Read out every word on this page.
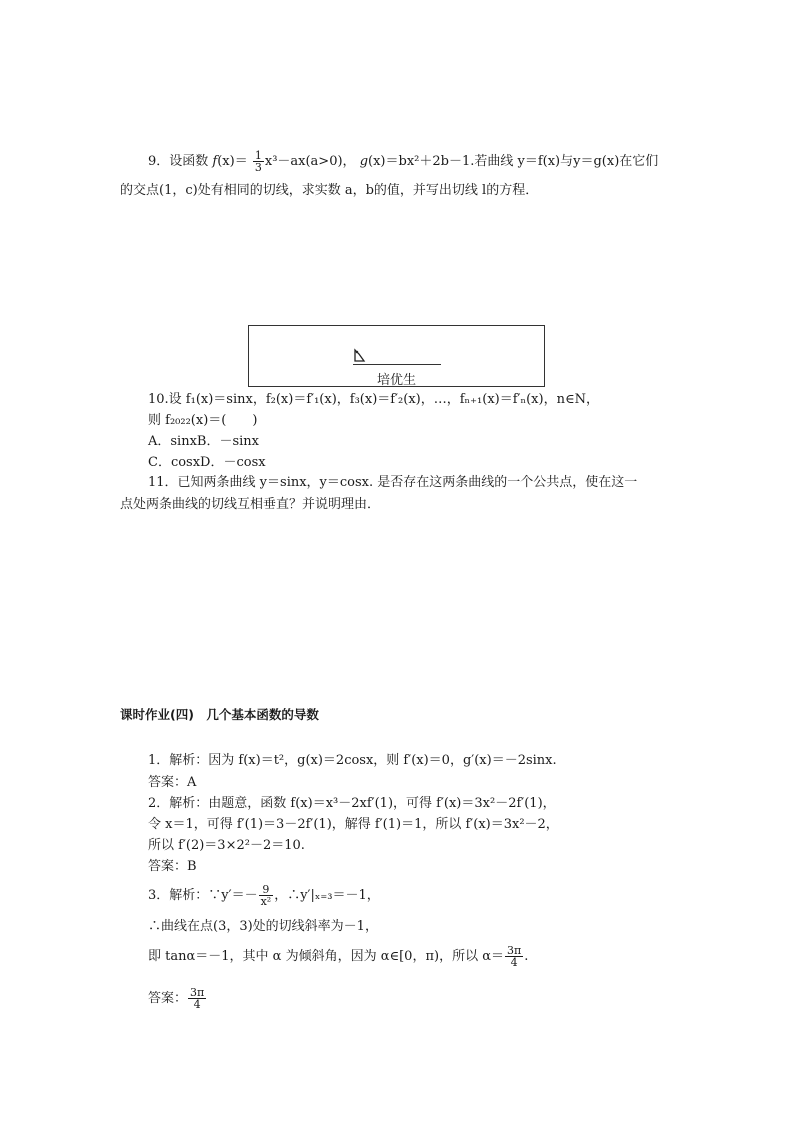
9．设函数 $f(x)= \frac{1}{3} x^3-ax(a>0)$， g(x)＝bx²＋2b－1.若曲线 y＝f(x)与y＝g(x)在它们
的交点(1，c)处有相同的切线，求实数 a，b的值，并写出切线 l的方程．
培优生
10.设 f₁(x)＝sinx，f₂(x)＝f′₁(x)，f₃(x)＝f′₂(x)，…，fₙ₊₁(x)＝f′ₙ(x)，n∈N，
则 f₂₀₂₂(x)＝(　　)
A．sinxB．－sinx
C．cosxD．－cosx
11．已知两条曲线 y＝sinx，y＝cosx. 是否存在这两条曲线的一个公共点，使在这一
点处两条曲线的切线互相垂直？并说明理由．
课时作业(四)　几个基本函数的导数
1．解析：因为 f(x)＝t²，g(x)＝2cosx，则 f′(x)＝0，g′(x)＝－2sinx.
答案：A
2．解析：由题意，函数 f(x)＝x³－2xf′(1)，可得 f′(x)＝3x²－2f′(1)，
令 x＝1，可得 f′(1)＝3－2f′(1)，解得 f′(1)＝1，所以 f′(x)＝3x²－2，
所以 f′(2)＝3×2²－2＝10.
答案：B
3．解析：∵y′＝－ $\frac{9}{\text{x²}}$ ，∴y′|ₓ₌₃＝－1，
∴曲线在点(3，3)处的切线斜率为－1，
即 tanα＝－1，其中 α 为倾斜角，因为 α∈[0，π)，所以 $\alpha= \frac{3\pi}{4}$ .
答案： $\frac{3\pi}{4}$
